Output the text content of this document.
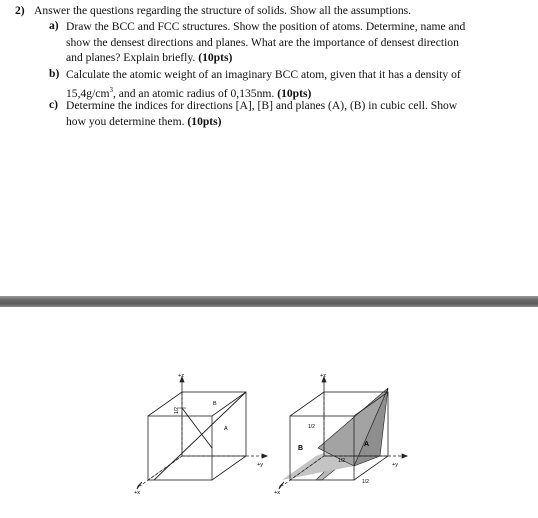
2) Answer the questions regarding the structure of solids. Show all the assumptions.
a) Draw the BCC and FCC structures. Show the position of atoms. Determine, name and
show the densest directions and planes. What are the importance of densest direction
and planes? Explain briefly. (10pts)
b) Calculate the atomic weight of an imaginary BCC atom, given that it has a density of
$15,4g/cm^3$, and an atomic radius of 0,135nm. (10pts)
c) Determine the indices for directions [A], [B] and planes (A), (B) in cubic cell. Show
how you determine them. (10pts)
1/2
+z
+x
+y
B
A
+z
+x
+y
B
A
1/2
1/2
1/2
